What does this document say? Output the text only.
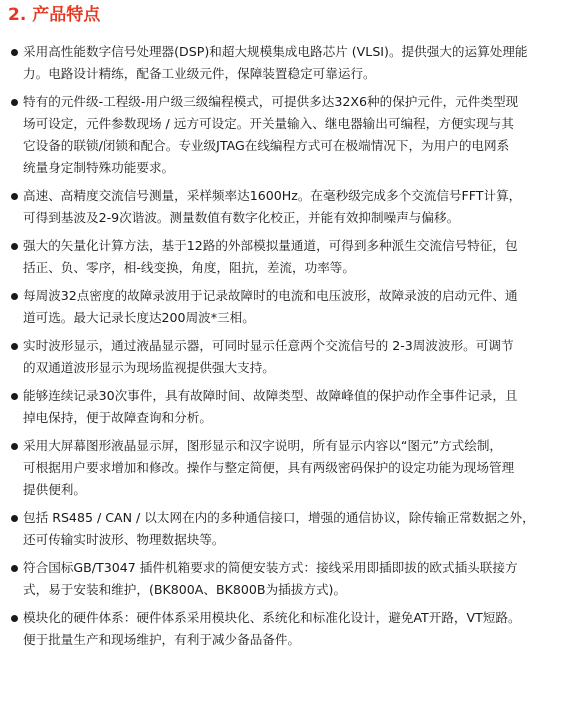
2. 产品特点
采用高性能数字信号处理器(DSP)和超大规模集成电路芯片 (VLSI)。提供强大的运算处理能
力。电路设计精练，配备工业级元件，保障装置稳定可靠运行。
特有的元件级-工程级-用户级三级编程模式，可提供多达32X6种的保护元件，元件类型现
场可设定，元件参数现场 / 远方可设定。开关量输入、继电器输出可编程，方便实现与其
它设备的联锁/闭锁和配合。专业级JTAG在线编程方式可在极端情况下，为用户的电网系
统量身定制特殊功能要求。
高速、高精度交流信号测量，采样频率达1600Hz。在毫秒级完成多个交流信号FFT计算，
可得到基波及2-9次谐波。测量数值有数字化校正，并能有效抑制噪声与偏移。
强大的矢量化计算方法，基于12路的外部模拟量通道，可得到多种派生交流信号特征，包
括正、负、零序，相-线变换，角度，阻抗，差流，功率等。
每周波32点密度的故障录波用于记录故障时的电流和电压波形，故障录波的启动元件、通
道可选。最大记录长度达200周波*三相。
实时波形显示，通过液晶显示器，可同时显示任意两个交流信号的 2-3周波波形。可调节
的双通道波形显示为现场监视提供强大支持。
能够连续记录30次事件，具有故障时间、故障类型、故障峰值的保护动作全事件记录，且
掉电保持，便于故障查询和分析。
采用大屏幕图形液晶显示屏，图形显示和汉字说明，所有显示内容以“图元”方式绘制，
可根据用户要求增加和修改。操作与整定简便，具有两级密码保护的设定功能为现场管理
提供便利。
包括 RS485 / CAN / 以太网在内的多种通信接口，增强的通信协议，除传输正常数据之外，
还可传输实时波形、物理数据块等。
符合国标GB/T3047 插件机箱要求的简便安装方式：接线采用即插即拔的欧式插头联接方
式，易于安装和维护，(BK800A、BK800B为插拔方式)。
模块化的硬件体系：硬件体系采用模块化、系统化和标准化设计，避免AT开路，VT短路。
便于批量生产和现场维护，有利于减少备品备件。
